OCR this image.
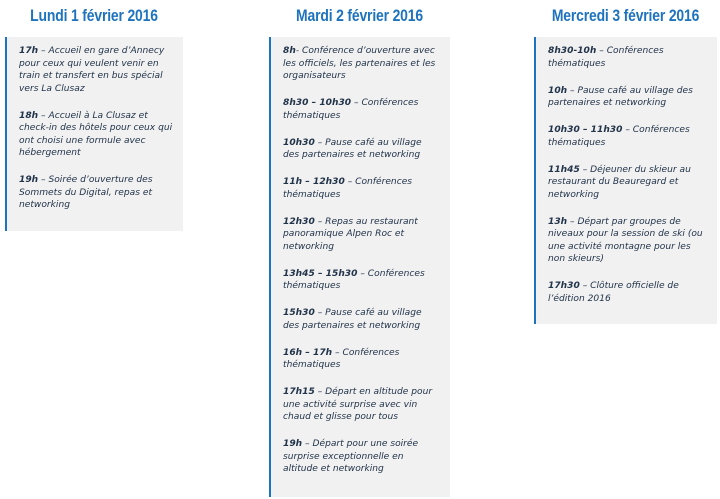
Lundi 1 février 2016

17h – Accueil en gare d’Annecy pour ceux qui veulent venir en train et transfert en bus spécial vers La Clusaz

18h – Accueil à La Clusaz et check-in des hôtels pour ceux qui ont choisi une formule avec hébergement

19h – Soirée d’ouverture des Sommets du Digital, repas et networking

Mardi 2 février 2016

8h- Conférence d’ouverture avec les officiels, les partenaires et les organisateurs

8h30 – 10h30 – Conférences thématiques

10h30 – Pause café au village des partenaires et networking

11h – 12h30 – Conférences thématiques

12h30 – Repas au restaurant panoramique Alpen Roc et networking

13h45 – 15h30 – Conférences thématiques

15h30 – Pause café au village des partenaires et networking

16h – 17h – Conférences thématiques

17h15 – Départ en altitude pour une activité surprise avec vin chaud et glisse pour tous

19h – Départ pour une soirée surprise exceptionnelle en altitude et networking

Mercredi 3 février 2016

8h30-10h – Conférences thématiques

10h – Pause café au village des partenaires et networking

10h30 – 11h30 – Conférences thématiques

11h45 – Déjeuner du skieur au restaurant du Beauregard et networking

13h – Départ par groupes de niveaux pour la session de ski (ou une activité montagne pour les non skieurs)

17h30 – Clôture officielle de l’édition 2016
